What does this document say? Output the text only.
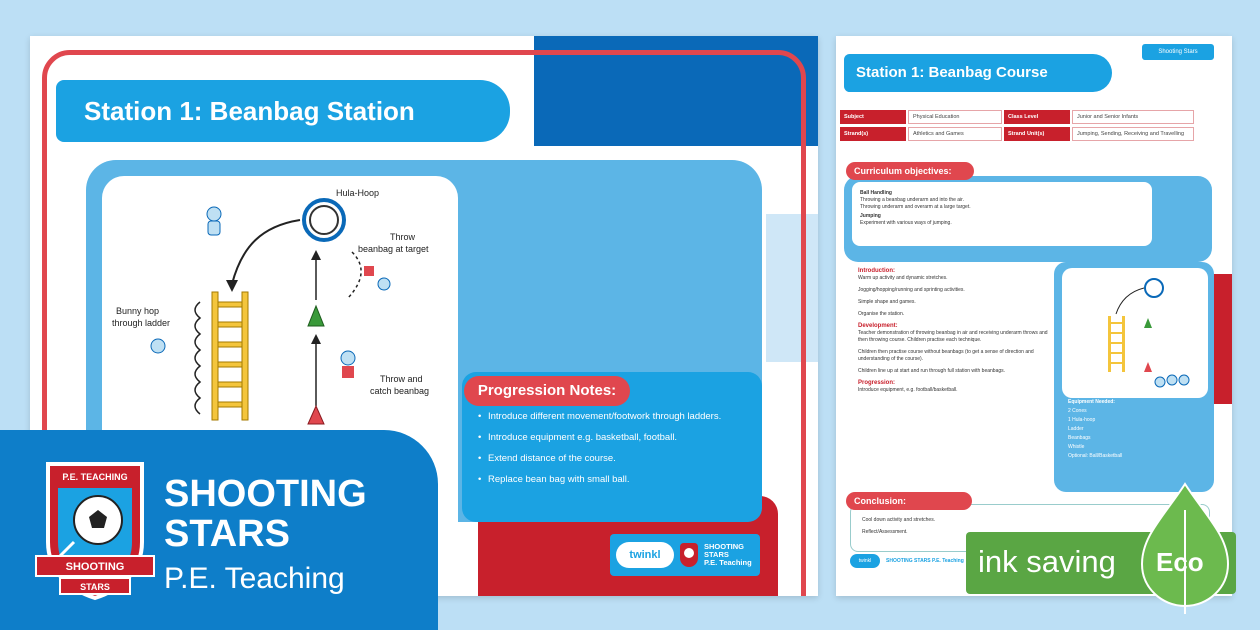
Station 1: Beanbag Station
Hula-Hoop
Bunny hop
through ladder
Throw
beanbag at target
Throw and
catch beanbag	Progression Notes:
• Introduce different movement/footwork through ladders.
• Introduce equipment e.g. basketball, football.
• Extend distance of the course.
• Replace bean bag with small ball.
twinkl
SHOOTING
STARS
P.E. Teaching
Shooting Stars
Station 1: Beanbag Course
Subject	Physical Education	Class Level	Junior and Senior Infants
Strand(s)	Athletics and Games	Strand Unit(s)	Jumping, Sending, Receiving and Travelling
Curriculum objectives:
Ball Handling
Throwing a beanbag underarm and into the air.
Throwing underarm and overarm at a large target.
Jumping
Experiment with various ways of jumping.
Introduction:

Warm up activity and dynamic stretches.

Jogging/hopping/running and sprinting activities.

Simple shape and games.

Organise the station.

Development:

Teacher demonstration of throwing beanbag in air and receiving underarm throws and then throwing course. Children practise each technique.

Children then practise course without beanbags (to get a sense of direction and understanding of the course).

Children line up at start and run through full station with beanbags.

Progression:

Introduce equipment, e.g. football/basketball.

Equipment Needed:
2 Cones
1 Hula-hoop
Ladder
Beanbags
Whistle
Optional: Ball/Basketball
Conclusion:
Cool down activity and stretches.
Reflect/Assessment.
twinkl	SHOOTING STARS P.E. Teaching
P.E. TEACHING
SHOOTING
STARS
SHOOTING
STARS
P.E. Teaching	ink saving Eco
